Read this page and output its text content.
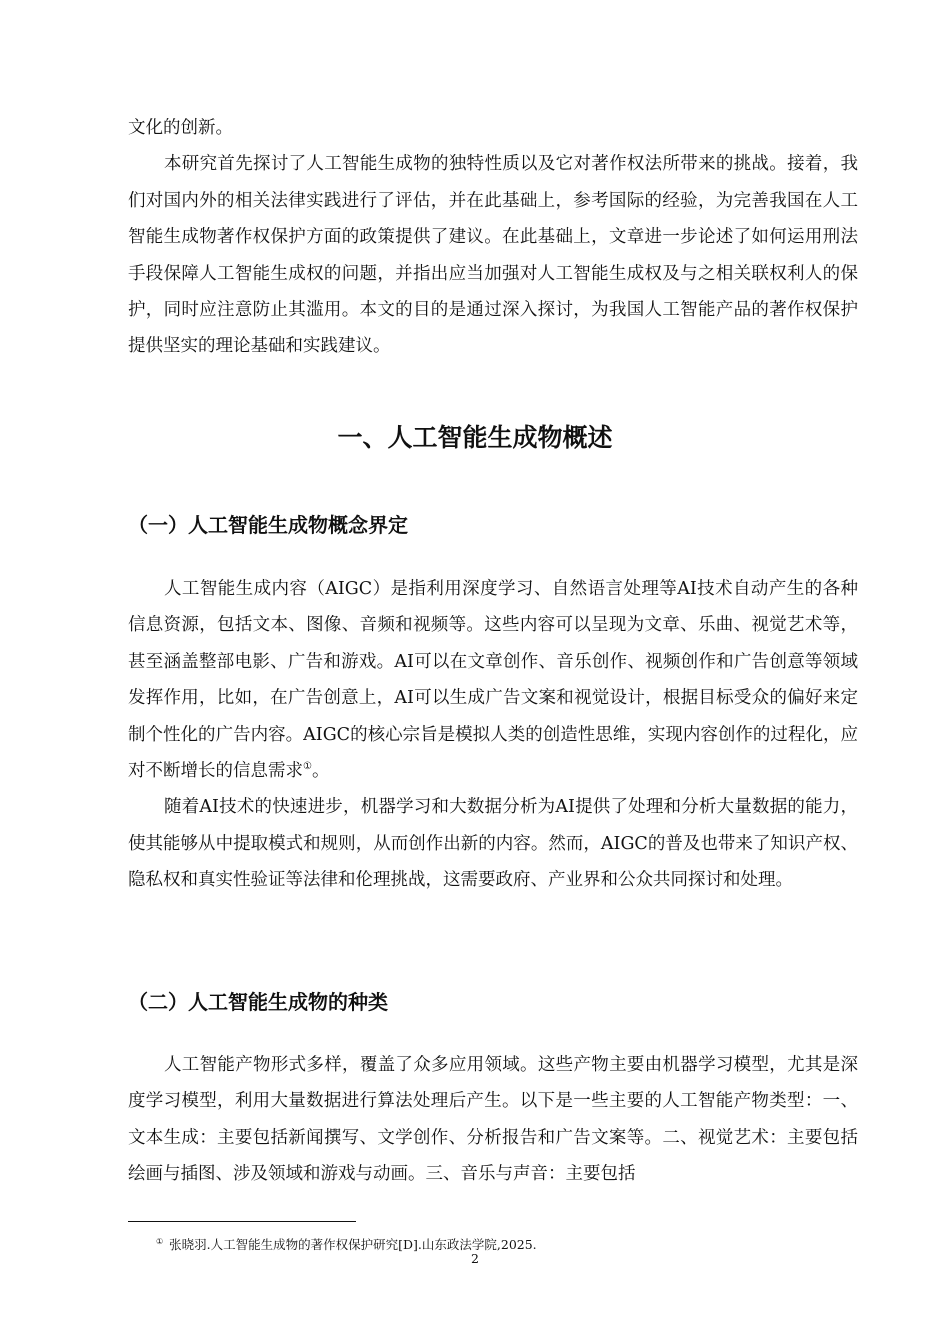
文化的创新。

本研究首先探讨了人工智能生成物的独特性质以及它对著作权法所带来的挑战。接着，我们对国内外的相关法律实践进行了评估，并在此基础上，参考国际的经验，为完善我国在人工智能生成物著作权保护方面的政策提供了建议。在此基础上，文章进一步论述了如何运用刑法手段保障人工智能生成权的问题，并指出应当加强对人工智能生成权及与之相关联权利人的保护，同时应注意防止其滥用。本文的目的是通过深入探讨，为我国人工智能产品的著作权保护提供坚实的理论基础和实践建议。

一、人工智能生成物概述
（一）人工智能生成物概念界定

人工智能生成内容（AIGC）是指利用深度学习、自然语言处理等AI技术自动产生的各种信息资源，包括文本、图像、音频和视频等。这些内容可以呈现为文章、乐曲、视觉艺术等，甚至涵盖整部电影、广告和游戏。AI可以在文章创作、音乐创作、视频创作和广告创意等领域发挥作用，比如，在广告创意上，AI可以生成广告文案和视觉设计，根据目标受众的偏好来定制个性化的广告内容。AIGC的核心宗旨是模拟人类的创造性思维，实现内容创作的过程化，应对不断增长的信息需求①。

随着AI技术的快速进步，机器学习和大数据分析为AI提供了处理和分析大量数据的能力，使其能够从中提取模式和规则，从而创作出新的内容。然而，AIGC的普及也带来了知识产权、隐私权和真实性验证等法律和伦理挑战，这需要政府、产业界和公众共同探讨和处理。

（二）人工智能生成物的种类

人工智能产物形式多样，覆盖了众多应用领域。这些产物主要由机器学习模型，尤其是深度学习模型，利用大量数据进行算法处理后产生。以下是一些主要的人工智能产物类型：一、文本生成：主要包括新闻撰写、文学创作、分析报告和广告文案等。二、视觉艺术：主要包括绘画与插图、涉及领域和游戏与动画。三、音乐与声音：主要包括

① 张晓羽.人工智能生成物的著作权保护研究[D].山东政法学院,2025.
2
